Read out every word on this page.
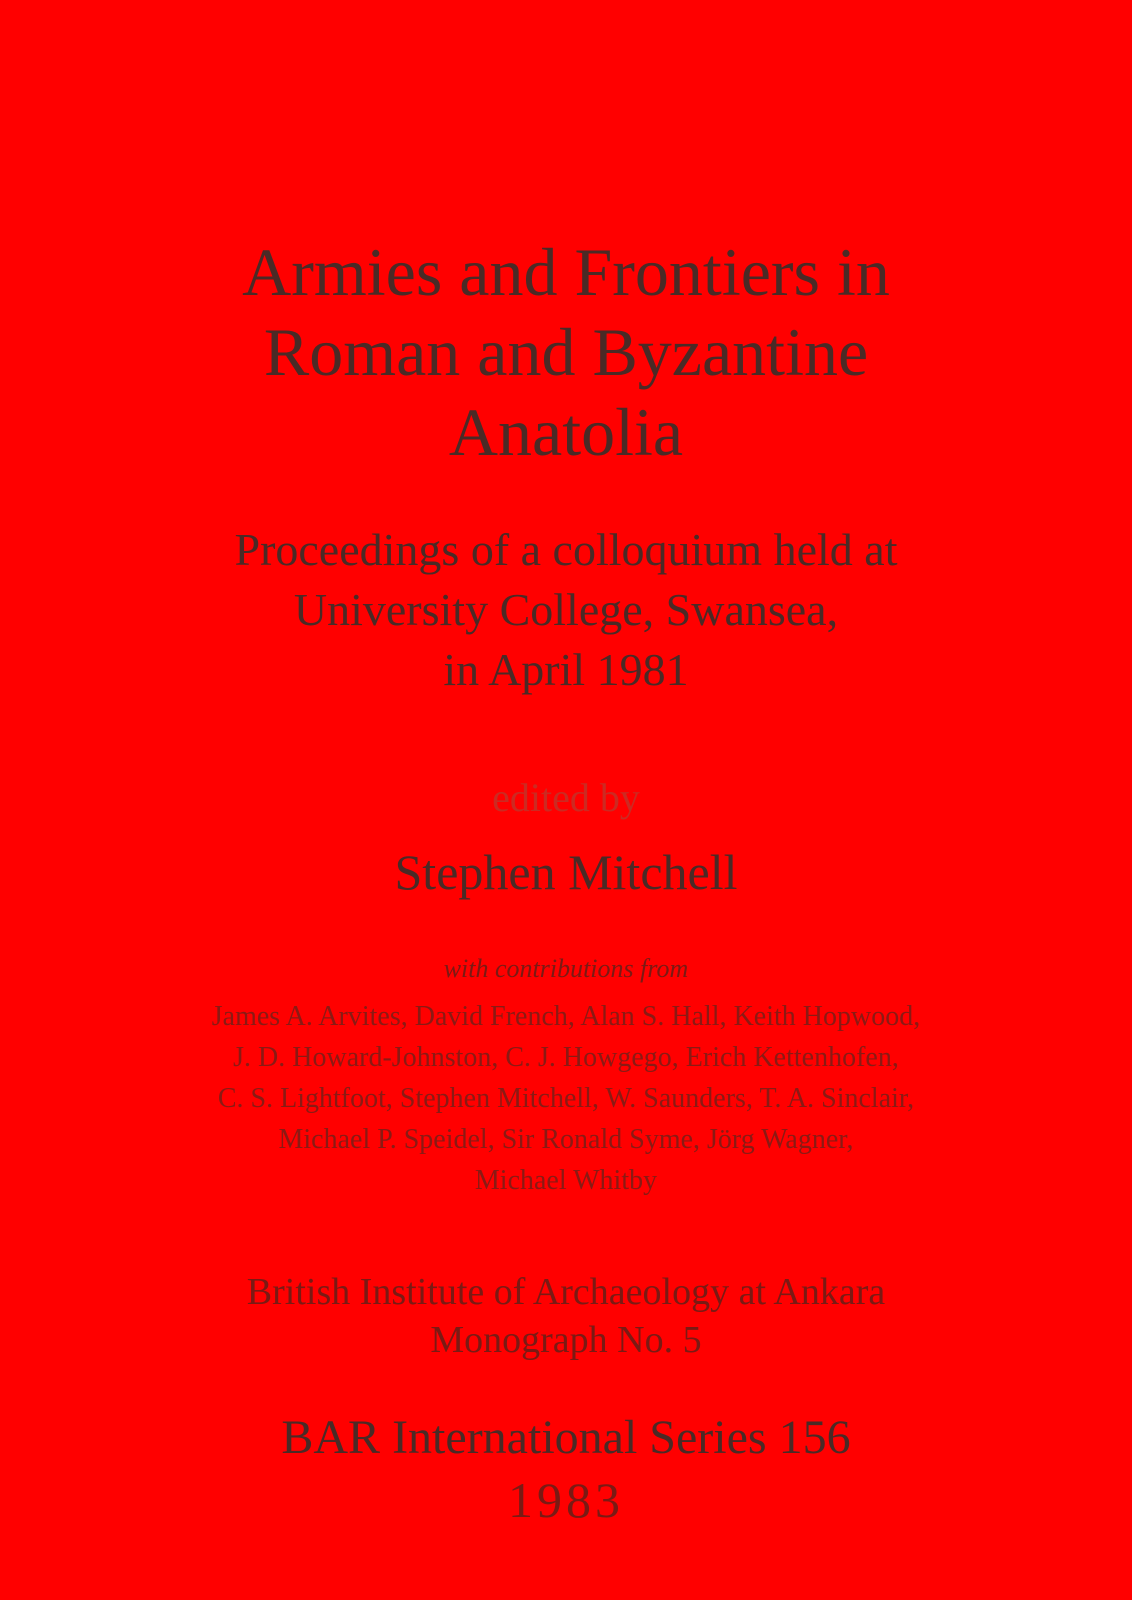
Armies and Frontiers in
Roman and Byzantine
Anatolia
Proceedings of a colloquium held at
University College, Swansea,
in April 1981
edited by
Stephen Mitchell
with contributions from
James A. Arvites, David French, Alan S. Hall, Keith Hopwood,
J. D. Howard-Johnston, C. J. Howgego, Erich Kettenhofen,
C. S. Lightfoot, Stephen Mitchell, W. Saunders, T. A. Sinclair,
Michael P. Speidel, Sir Ronald Syme, Jörg Wagner,
Michael Whitby
British Institute of Archaeology at Ankara
Monograph No. 5
BAR International Series 156
1983
